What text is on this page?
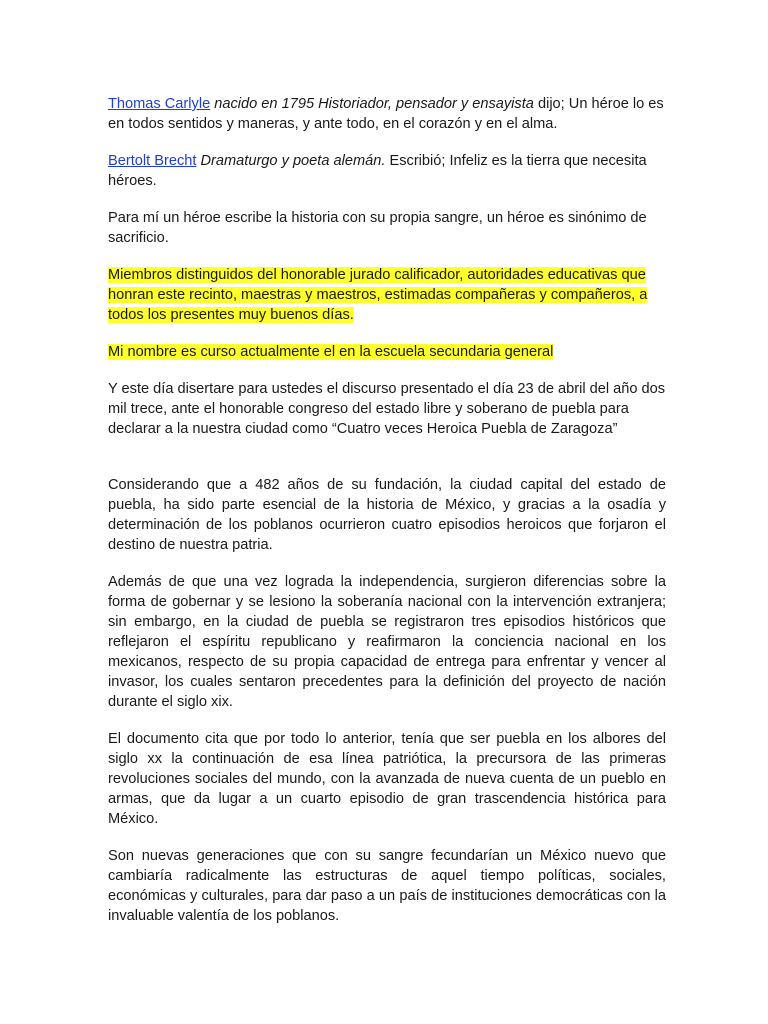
Thomas Carlyle nacido en 1795 Historiador, pensador y ensayista dijo; Un héroe lo es en todos sentidos y maneras, y ante todo, en el corazón y en el alma.

Bertolt Brecht Dramaturgo y poeta alemán. Escribió; Infeliz es la tierra que necesita héroes.

Para mí un héroe escribe la historia con su propia sangre, un héroe es sinónimo de sacrificio.

Miembros distinguidos del honorable jurado calificador, autoridades educativas que honran este recinto, maestras y maestros, estimadas compañeras y compañeros, a todos los presentes muy buenos días.

Mi nombre es curso actualmente el en la escuela secundaria general

Y este día disertare para ustedes el discurso presentado el día 23 de abril del año dos mil trece, ante el honorable congreso del estado libre y soberano de puebla para declarar a la nuestra ciudad como “Cuatro veces Heroica Puebla de Zaragoza”

Considerando que a 482 años de su fundación, la ciudad capital del estado de puebla, ha sido parte esencial de la historia de México, y gracias a la osadía y determinación de los poblanos ocurrieron cuatro episodios heroicos que forjaron el destino de nuestra patria.

Además de que una vez lograda la independencia, surgieron diferencias sobre la forma de gobernar y se lesiono la soberanía nacional con la intervención extranjera; sin embargo, en la ciudad de puebla se registraron tres episodios históricos que reflejaron el espíritu republicano y reafirmaron la conciencia nacional en los mexicanos, respecto de su propia capacidad de entrega para enfrentar y vencer al invasor, los cuales sentaron precedentes para la definición del proyecto de nación durante el siglo xix.

El documento cita que por todo lo anterior, tenía que ser puebla en los albores del siglo xx la continuación de esa línea patriótica, la precursora de las primeras revoluciones sociales del mundo, con la avanzada de nueva cuenta de un pueblo en armas, que da lugar a un cuarto episodio de gran trascendencia histórica para México.

Son nuevas generaciones que con su sangre fecundarían un México nuevo que cambiaría radicalmente las estructuras de aquel tiempo políticas, sociales, económicas y culturales, para dar paso a un país de instituciones democráticas con la invaluable valentía de los poblanos.
